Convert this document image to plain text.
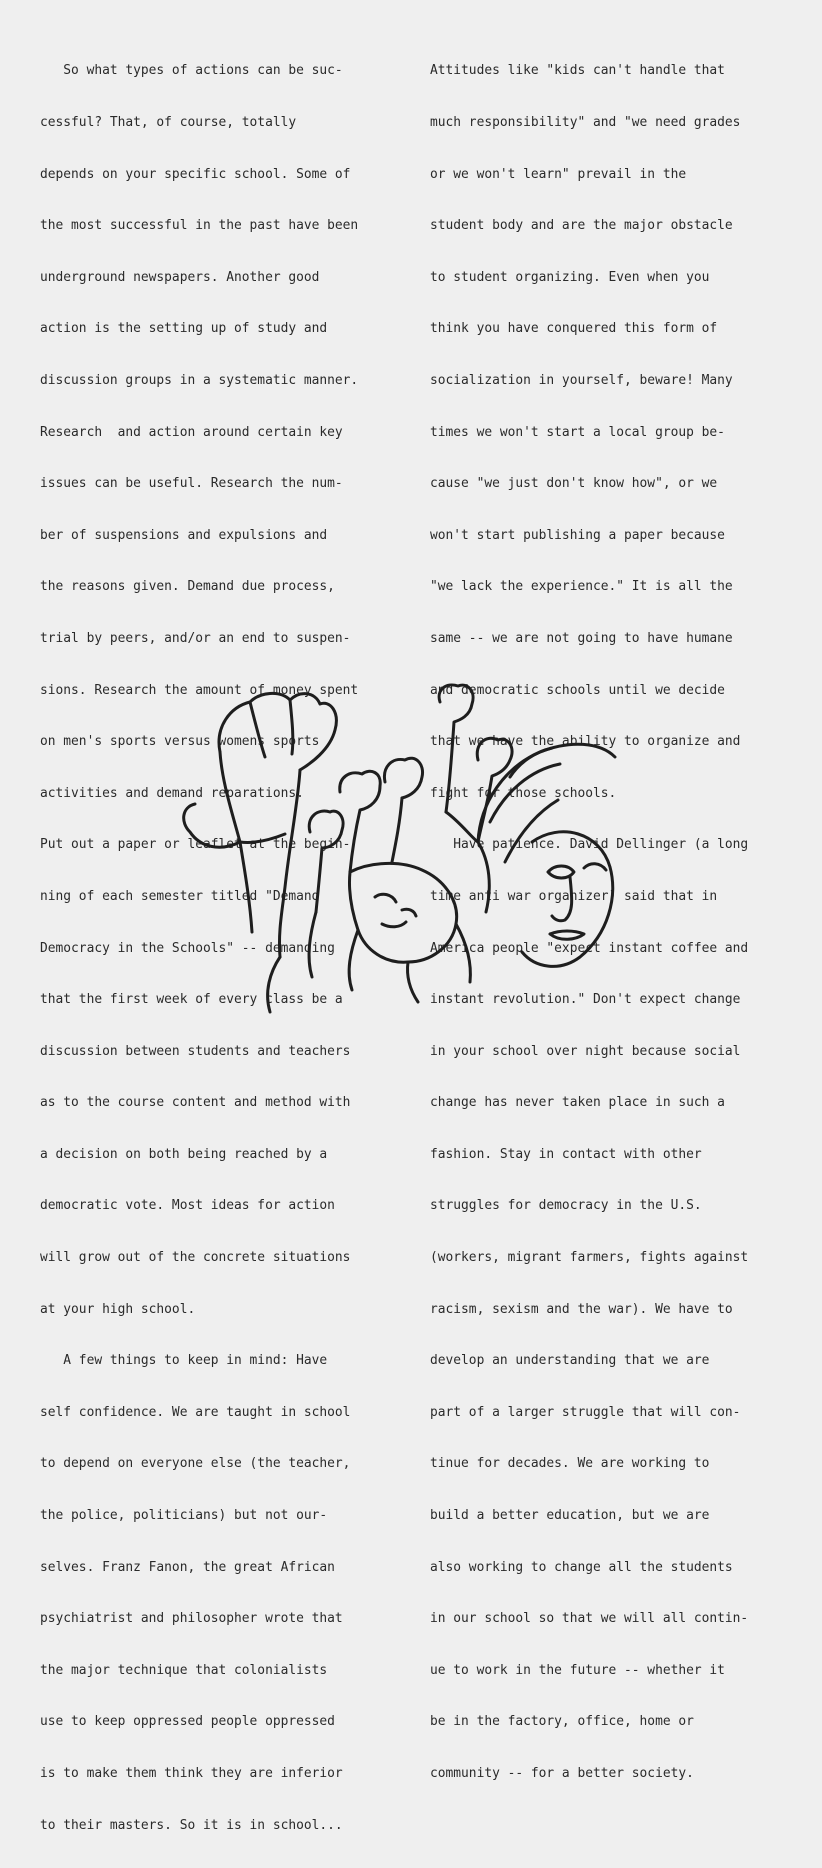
So what types of actions can be suc-

cessful? That, of course, totally

depends on your specific school. Some of

the most successful in the past have been

underground newspapers. Another good

action is the setting up of study and

discussion groups in a systematic manner.

Research  and action around certain key

issues can be useful. Research the num-

ber of suspensions and expulsions and

the reasons given. Demand due process,

trial by peers, and/or an end to suspen-

sions. Research the amount of money spent

on men's sports versus womens sports

activities and demand reparations.

Put out a paper or leaflet at the begin-

ning of each semester titled "Demand

Democracy in the Schools" -- demanding

that the first week of every class be a

discussion between students and teachers

as to the course content and method with

a decision on both being reached by a

democratic vote. Most ideas for action

will grow out of the concrete situations

at your high school.

A few things to keep in mind: Have

self confidence. We are taught in school

to depend on everyone else (the teacher,

the police, politicians) but not our-

selves. Franz Fanon, the great African

psychiatrist and philosopher wrote that

the major technique that colonialists

use to keep oppressed people oppressed

is to make them think they are inferior

to their masters. So it is in school...

Attitudes like "kids can't handle that

much responsibility" and "we need grades

or we won't learn" prevail in the

student body and are the major obstacle

to student organizing. Even when you

think you have conquered this form of

socialization in yourself, beware! Many

times we won't start a local group be-

cause "we just don't know how", or we

won't start publishing a paper because

"we lack the experience." It is all the

same -- we are not going to have humane

and democratic schools until we decide

that we have the ability to organize and

fight for those schools.

Have patience. David Dellinger (a long

time anti war organizer) said that in

America people "expect instant coffee and

instant revolution." Don't expect change

in your school over night because social

change has never taken place in such a

fashion. Stay in contact with other

struggles for democracy in the U.S.

(workers, migrant farmers, fights against

racism, sexism and the war). We have to

develop an understanding that we are

part of a larger struggle that will con-

tinue for decades. We are working to

build a better education, but we are

also working to change all the students

in our school so that we will all contin-

ue to work in the future -- whether it

be in the factory, office, home or

community -- for a better society.
